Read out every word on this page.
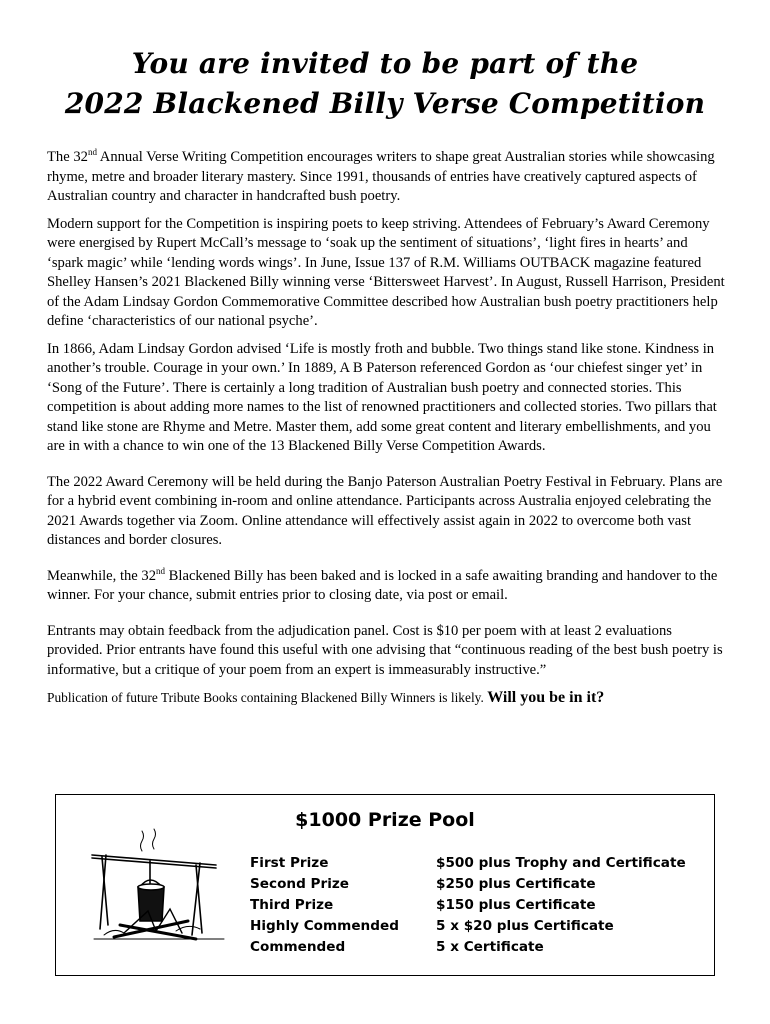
You are invited to be part of the
2022 Blackened Billy Verse Competition

The 32nd Annual Verse Writing Competition encourages writers to shape great Australian stories while showcasing rhyme, metre and broader literary mastery. Since 1991, thousands of entries have creatively captured aspects of Australian country and character in handcrafted bush poetry.

Modern support for the Competition is inspiring poets to keep striving. Attendees of February’s Award Ceremony were energised by Rupert McCall’s message to ‘soak up the sentiment of situations’, ‘light fires in hearts’ and ‘spark magic’ while ‘lending words wings’. In June, Issue 137 of R.M. Williams OUTBACK magazine featured Shelley Hansen’s 2021 Blackened Billy winning verse ‘Bittersweet Harvest’. In August, Russell Harrison, President of the Adam Lindsay Gordon Commemorative Committee described how Australian bush poetry practitioners help define ‘characteristics of our national psyche’.

In 1866, Adam Lindsay Gordon advised ‘Life is mostly froth and bubble. Two things stand like stone. Kindness in another’s trouble. Courage in your own.’ In 1889, A B Paterson referenced Gordon as ‘our chiefest singer yet’ in ‘Song of the Future’. There is certainly a long tradition of Australian bush poetry and connected stories. This competition is about adding more names to the list of renowned practitioners and collected stories. Two pillars that stand like stone are Rhyme and Metre. Master them, add some great content and literary embellishments, and you are in with a chance to win one of the 13 Blackened Billy Verse Competition Awards.

The 2022 Award Ceremony will be held during the Banjo Paterson Australian Poetry Festival in February. Plans are for a hybrid event combining in-room and online attendance. Participants across Australia enjoyed celebrating the 2021 Awards together via Zoom. Online attendance will effectively assist again in 2022 to overcome both vast distances and border closures.

Meanwhile, the 32nd Blackened Billy has been baked and is locked in a safe awaiting branding and handover to the winner. For your chance, submit entries prior to closing date, via post or email.

Entrants may obtain feedback from the adjudication panel. Cost is $10 per poem with at least 2 evaluations provided. Prior entrants have found this useful with one advising that “continuous reading of the best bush poetry is informative, but a critique of your poem from an expert is immeasurably instructive.”

Publication of future Tribute Books containing Blackened Billy Winners is likely. Will you be in it?

$1000 Prize Pool
First Prize	$500 plus Trophy and Certificate
Second Prize	$250 plus Certificate
Third Prize	$150 plus Certificate
Highly Commended	5 x $20 plus Certificate
Commended	5 x Certificate
